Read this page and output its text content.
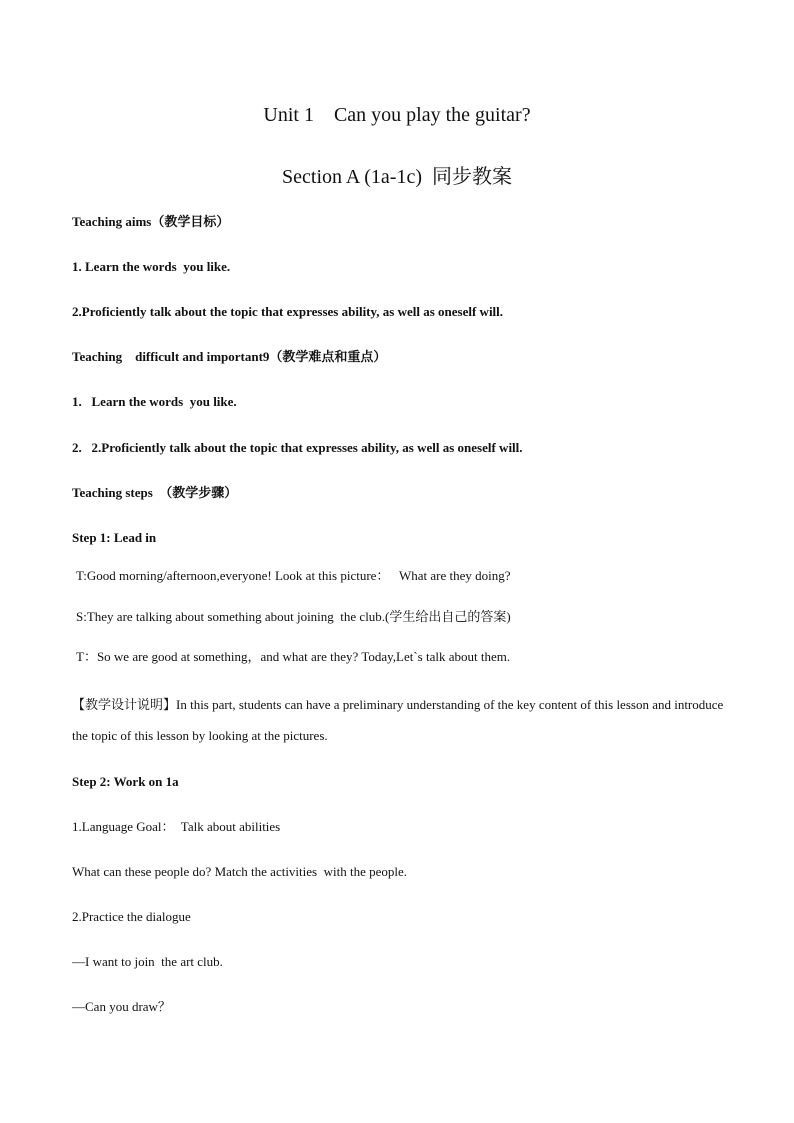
Unit 1    Can you play the guitar?
Section A (1a-1c)  同步教案
Teaching aims（教学目标）
1. Learn the words  you like.
2.Proficiently talk about the topic that expresses ability, as well as oneself will.
Teaching    difficult and important9（教学难点和重点）
1.   Learn the words  you like.
2.   2.Proficiently talk about the topic that expresses ability, as well as oneself will.
Teaching steps  （教学步骤）
Step 1: Lead in
T:Good morning/afternoon,everyone! Look at this picture：   What are they doing?
S:They are talking about something about joining  the club.(学生给出自己的答案)
T：So we are good at something，and what are they? Today,Let`s talk about them.
【教学设计说明】In this part, students can have a preliminary understanding of the key content of this lesson and introduce the topic of this lesson by looking at the pictures.
Step 2: Work on 1a
1.Language Goal：  Talk about abilities
What can these people do? Match the activities  with the people.
2.Practice the dialogue
—I want to join  the art club.
—Can you draw？
